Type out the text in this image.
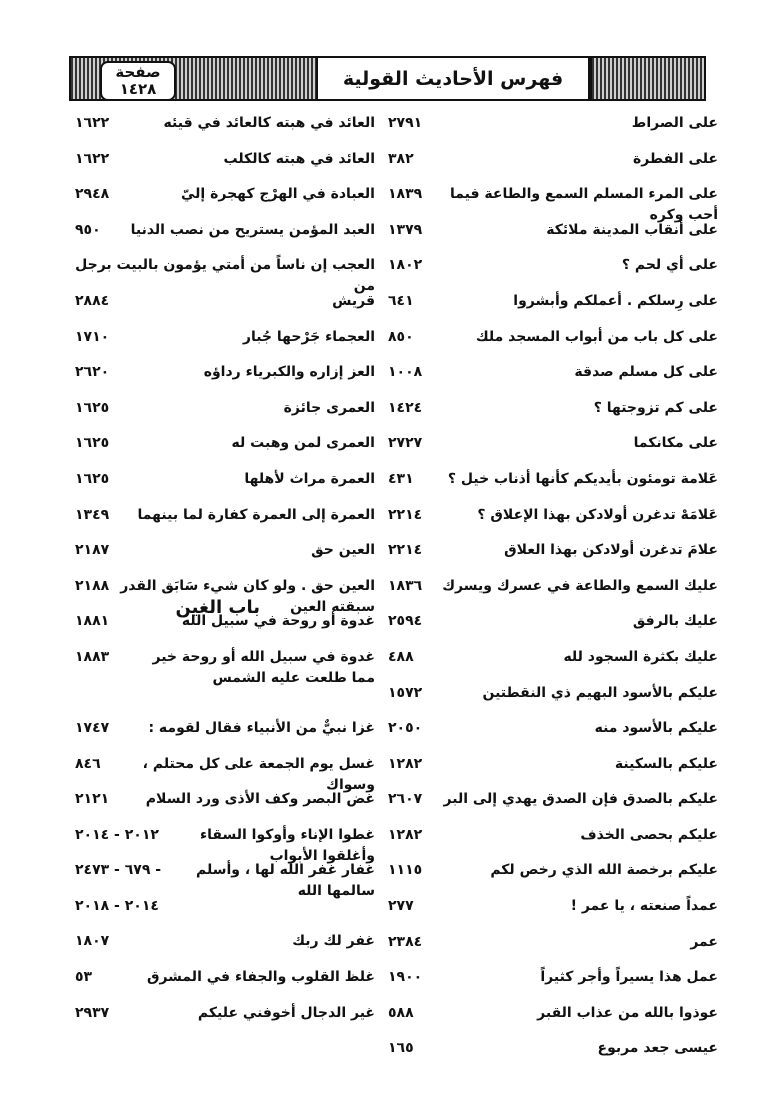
فهرس الأحاديث القولية
صفحة
١٤٢٨
على الصراط
٢٧٩١
على الفطرة
٣٨٢
على المرء المسلم السمع والطاعة فيما أحب وكره
١٨٣٩
على أنقاب المدينة ملائكة
١٣٧٩
على أي لحم ؟
١٨٠٢
على رِسلكم . أعملكم وأبشروا
٦٤١
على كل باب من أبواب المسجد ملك
٨٥٠
على كل مسلم صدقة
١٠٠٨
على كم تزوجتها ؟
١٤٢٤
على مكانكما
٢٧٢٧
عَلامة تومئون بأيديكم كأنها أذناب خيل ؟
٤٣١
عَلامَهْ تدغرن أولادكن بهذا الإعلاق ؟
٢٢١٤
علامَ تدغرن أولادكن بهذا العلاق
٢٢١٤
عليك السمع والطاعة في عسرك ويسرك
١٨٣٦
عليك بالرفق
٢٥٩٤
عليك بكثرة السجود لله
٤٨٨
عليكم بالأسود البهيم ذي النقطتين
١٥٧٢
عليكم بالأسود منه
٢٠٥٠
عليكم بالسكينة
١٢٨٢
عليكم بالصدق فإن الصدق يهدي إلى البر
٢٦٠٧
عليكم بحصى الخذف
١٢٨٢
عليكم برخصة الله الذي رخص لكم
١١١٥
عمداً صنعته ، يا عمر !
٢٧٧
عمر
٢٣٨٤
عمل هذا يسيراً وأجر كثيراً
١٩٠٠
عوذوا بالله من عذاب القبر
٥٨٨
عيسى جعد مربوع
١٦٥
العائد في هبته كالعائد في قيئه
١٦٢٢
العائد في هبته كالكلب
١٦٢٢
العبادة في الهرْج كهجرة إليّ
٢٩٤٨
العبد المؤمن يستريح من نصب الدنيا
٩٥٠
العجب إن ناساً من أمتي يؤمون بالبيت برجل من
قريش
٢٨٨٤
العجماء جَرْحها جُبار
١٧١٠
العز إزاره والكبرياء رداؤه
٢٦٢٠
العمرى جائزة
١٦٢٥
العمرى لمن وهبت له
١٦٢٥
العمرة مراث لأهلها
١٦٢٥
العمرة إلى العمرة كفارة لما بينهما
١٣٤٩
العين حق
٢١٨٧
العين حق . ولو كان شيء سَابَق القدر سبقته العين
٢١٨٨
باب الغين
غدوة أو روحة في سبيل الله
١٨٨١
غدوة في سبيل الله أو روحة خير مما طلعت عليه الشمس
١٨٨٣
غزا نبيٌّ من الأنبياء فقال لقومه :
١٧٤٧
غسل يوم الجمعة على كل محتلم ، وسواك
٨٤٦
غض البصر وكف الأذى ورد السلام
٢١٢١
غطوا الإناء وأوكوا السقاء وأغلقوا الأبواب
٢٠١٢ - ٢٠١٤
غفار غفر الله لها ، وأسلم سالمها الله
٦٧٩ - ٢٤٧٣ -
٢٠١٤ - ٢٠١٨
غفر لك ربك
١٨٠٧
غلظ القلوب والجفاء في المشرق
٥٣
غير الدجال أخوفني عليكم
٢٩٣٧
